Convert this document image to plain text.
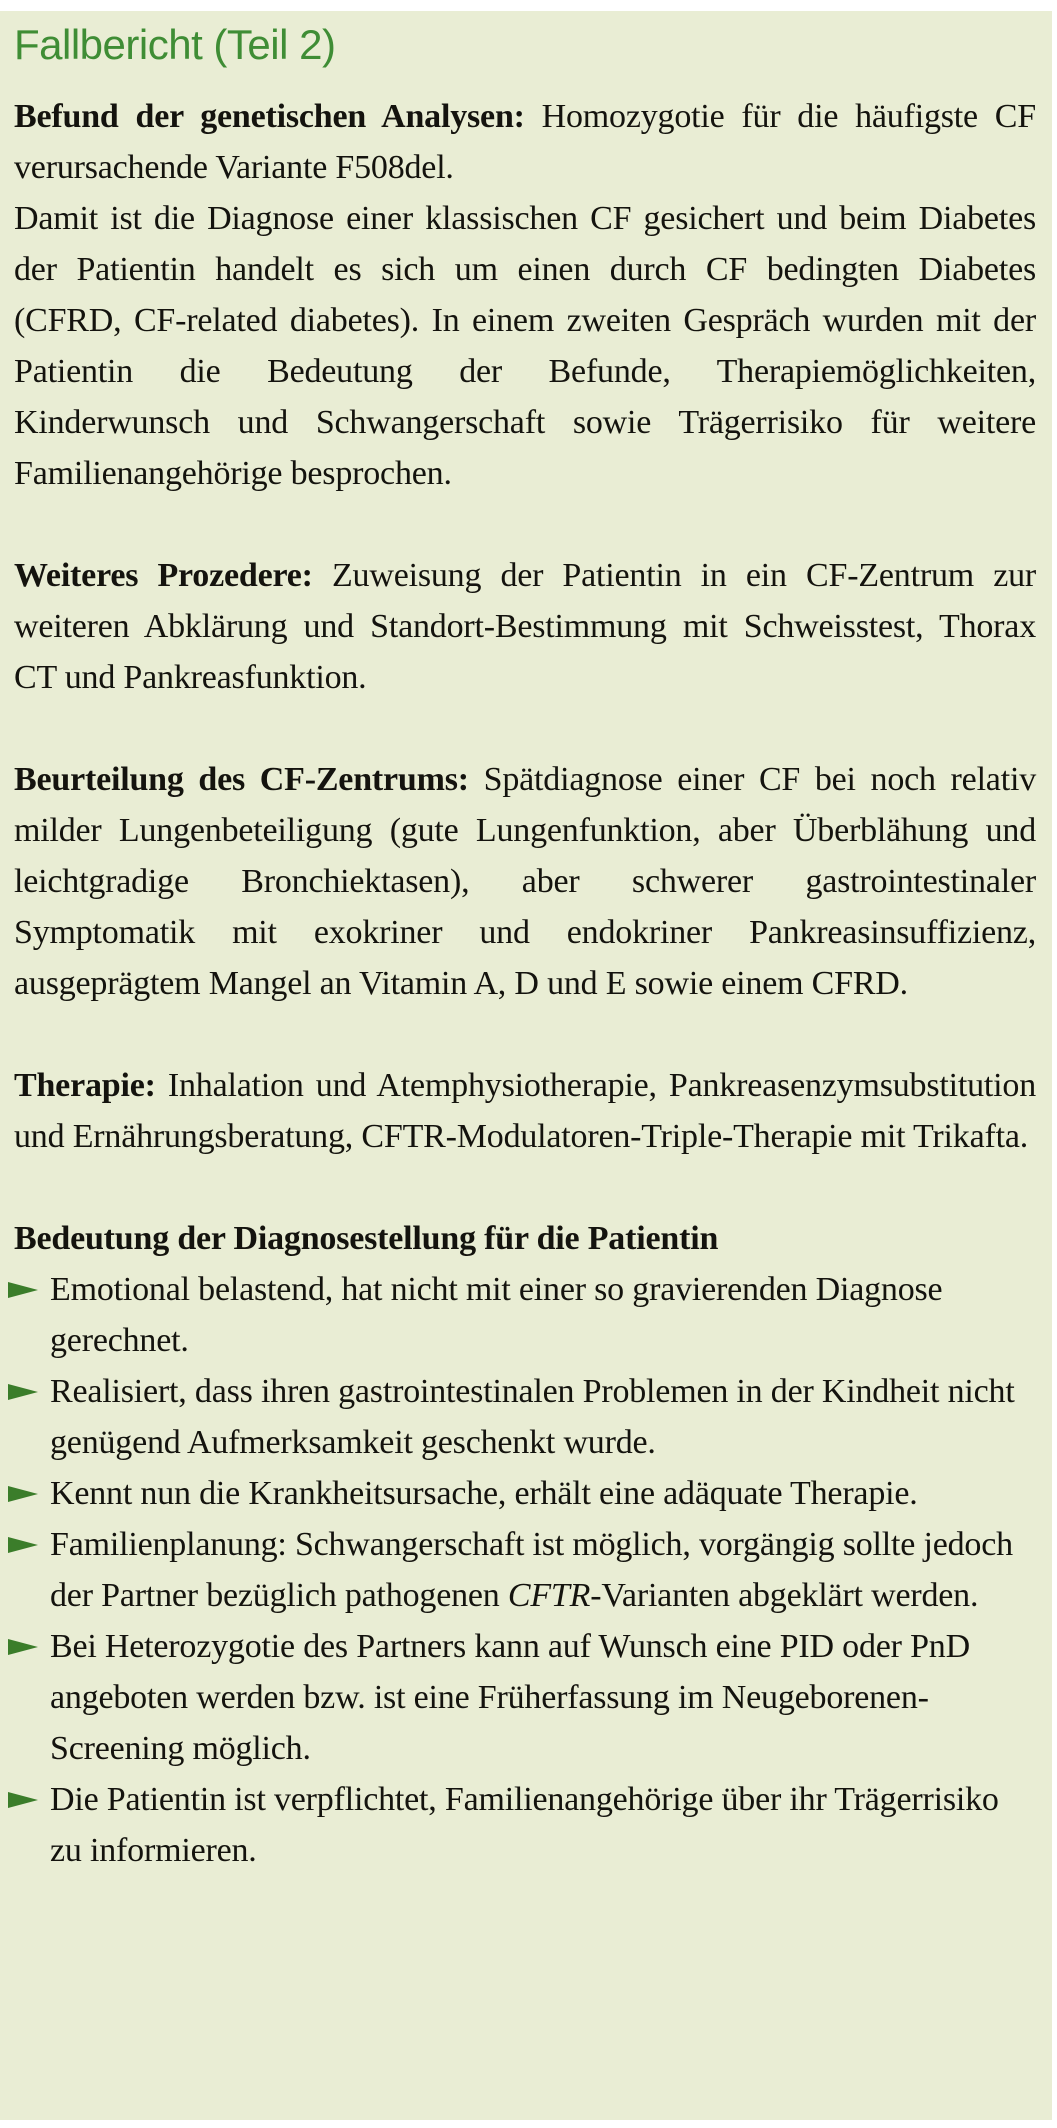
Fallbericht (Teil 2)

Befund der genetischen Analysen: Homozygotie für die häufigste CF verursachende Variante F508del.

Damit ist die Diagnose einer klassischen CF gesichert und beim Diabetes der Patientin handelt es sich um einen durch CF bedingten Diabetes (CFRD, CF-related diabetes). In einem zweiten Gespräch wurden mit der Patientin die Bedeutung der Befunde, Therapiemöglichkeiten, Kinderwunsch und Schwangerschaft sowie Trägerrisiko für weitere Familienangehörige besprochen.

Weiteres Prozedere: Zuweisung der Patientin in ein CF-Zentrum zur weiteren Abklärung und Standort-Bestimmung mit Schweisstest, Thorax CT und Pankreasfunktion.

Beurteilung des CF-Zentrums: Spätdiagnose einer CF bei noch relativ milder Lungenbeteiligung (gute Lungenfunktion, aber Überblähung und leichtgradige Bronchiektasen), aber schwerer gastrointestinaler Symptomatik mit exokriner und endokriner Pankreasinsuffizienz, ausgeprägtem Mangel an Vitamin A, D und E sowie einem CFRD.

Therapie: Inhalation und Atemphysiotherapie, Pankreasenzymsubstitution und Ernährungsberatung, CFTR-Modulatoren-Triple-Therapie mit Trikafta.

Bedeutung der Diagnosestellung für die Patientin

Emotional belastend, hat nicht mit einer so gravierenden Diagnose gerechnet.
Realisiert, dass ihren gastrointestinalen Problemen in der Kindheit nicht genügend Aufmerksamkeit geschenkt wurde.
Kennt nun die Krankheitsursache, erhält eine adäquate Therapie.
Familienplanung: Schwangerschaft ist möglich, vorgängig sollte jedoch der Partner bezüglich pathogenen CFTR-Varianten abgeklärt werden.
Bei Heterozygotie des Partners kann auf Wunsch eine PID oder PnD angeboten werden bzw. ist eine Früherfassung im Neugeborenen-Screening möglich.
Die Patientin ist verpflichtet, Familienangehörige über ihr Trägerrisiko zu informieren.
